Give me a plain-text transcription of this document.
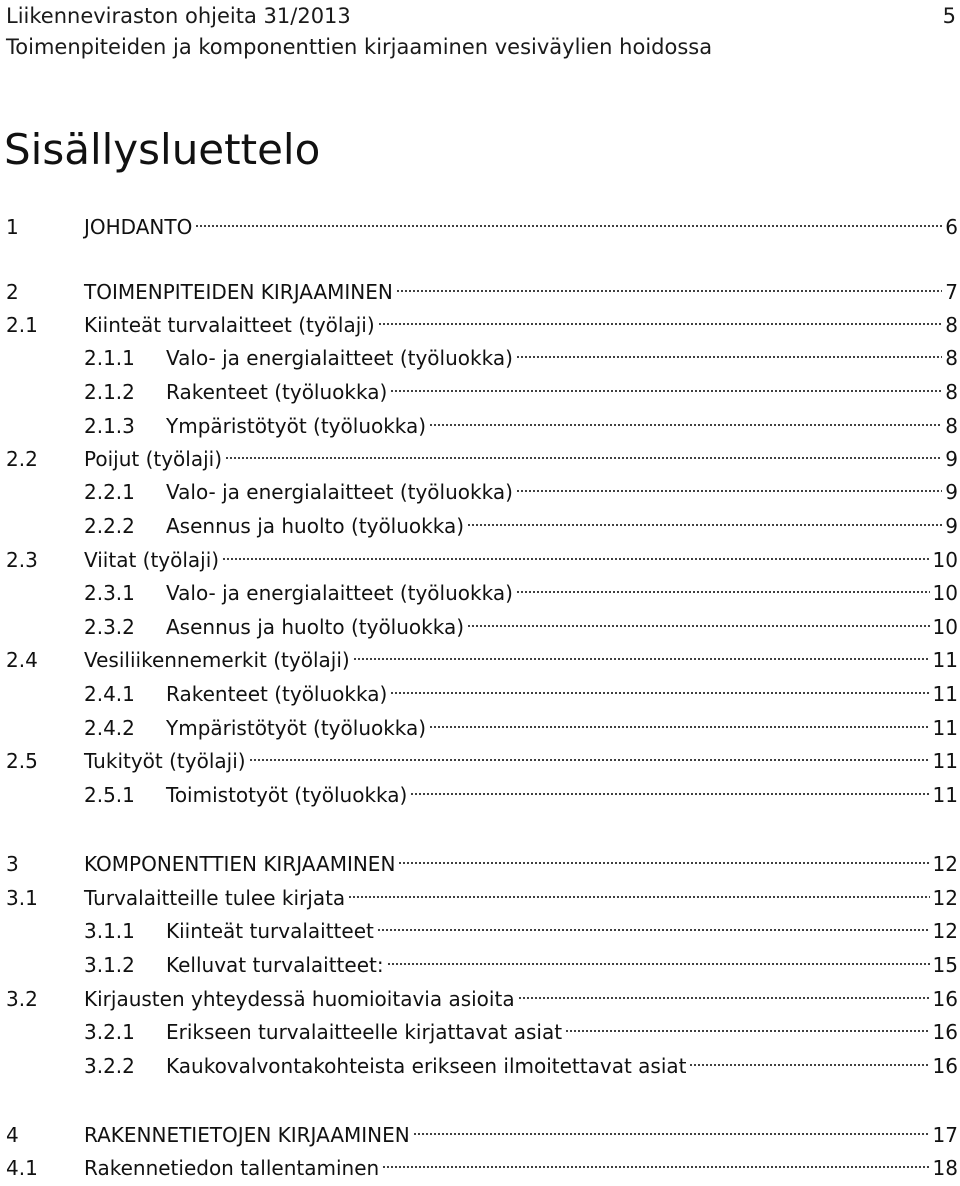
Liikenneviraston ohjeita 31/2013	5
Toimenpiteiden ja komponenttien kirjaaminen vesiväylien hoidossa
Sisällysluettelo
1	JOHDANTO	6
2	TOIMENPITEIDEN KIRJAAMINEN	7
2.1	Kiinteät turvalaitteet (työlaji)	8
2.1.1	Valo- ja energialaitteet (työluokka)	8
2.1.2	Rakenteet (työluokka)	8
2.1.3	Ympäristötyöt (työluokka)	8
2.2	Poijut (työlaji)	9
2.2.1	Valo- ja energialaitteet (työluokka)	9
2.2.2	Asennus ja huolto (työluokka)	9
2.3	Viitat (työlaji)	10
2.3.1	Valo- ja energialaitteet (työluokka)	10
2.3.2	Asennus ja huolto (työluokka)	10
2.4	Vesiliikennemerkit (työlaji)	11
2.4.1	Rakenteet (työluokka)	11
2.4.2	Ympäristötyöt (työluokka)	11
2.5	Tukityöt (työlaji)	11
2.5.1	Toimistotyöt (työluokka)	11
3	KOMPONENTTIEN KIRJAAMINEN	12
3.1	Turvalaitteille tulee kirjata	12
3.1.1	Kiinteät turvalaitteet	12
3.1.2	Kelluvat turvalaitteet:	15
3.2	Kirjausten yhteydessä huomioitavia asioita	16
3.2.1	Erikseen turvalaitteelle kirjattavat asiat	16
3.2.2	Kaukovalvontakohteista erikseen ilmoitettavat asiat	16
4	RAKENNETIETOJEN KIRJAAMINEN	17
4.1	Rakennetiedon tallentaminen	18
